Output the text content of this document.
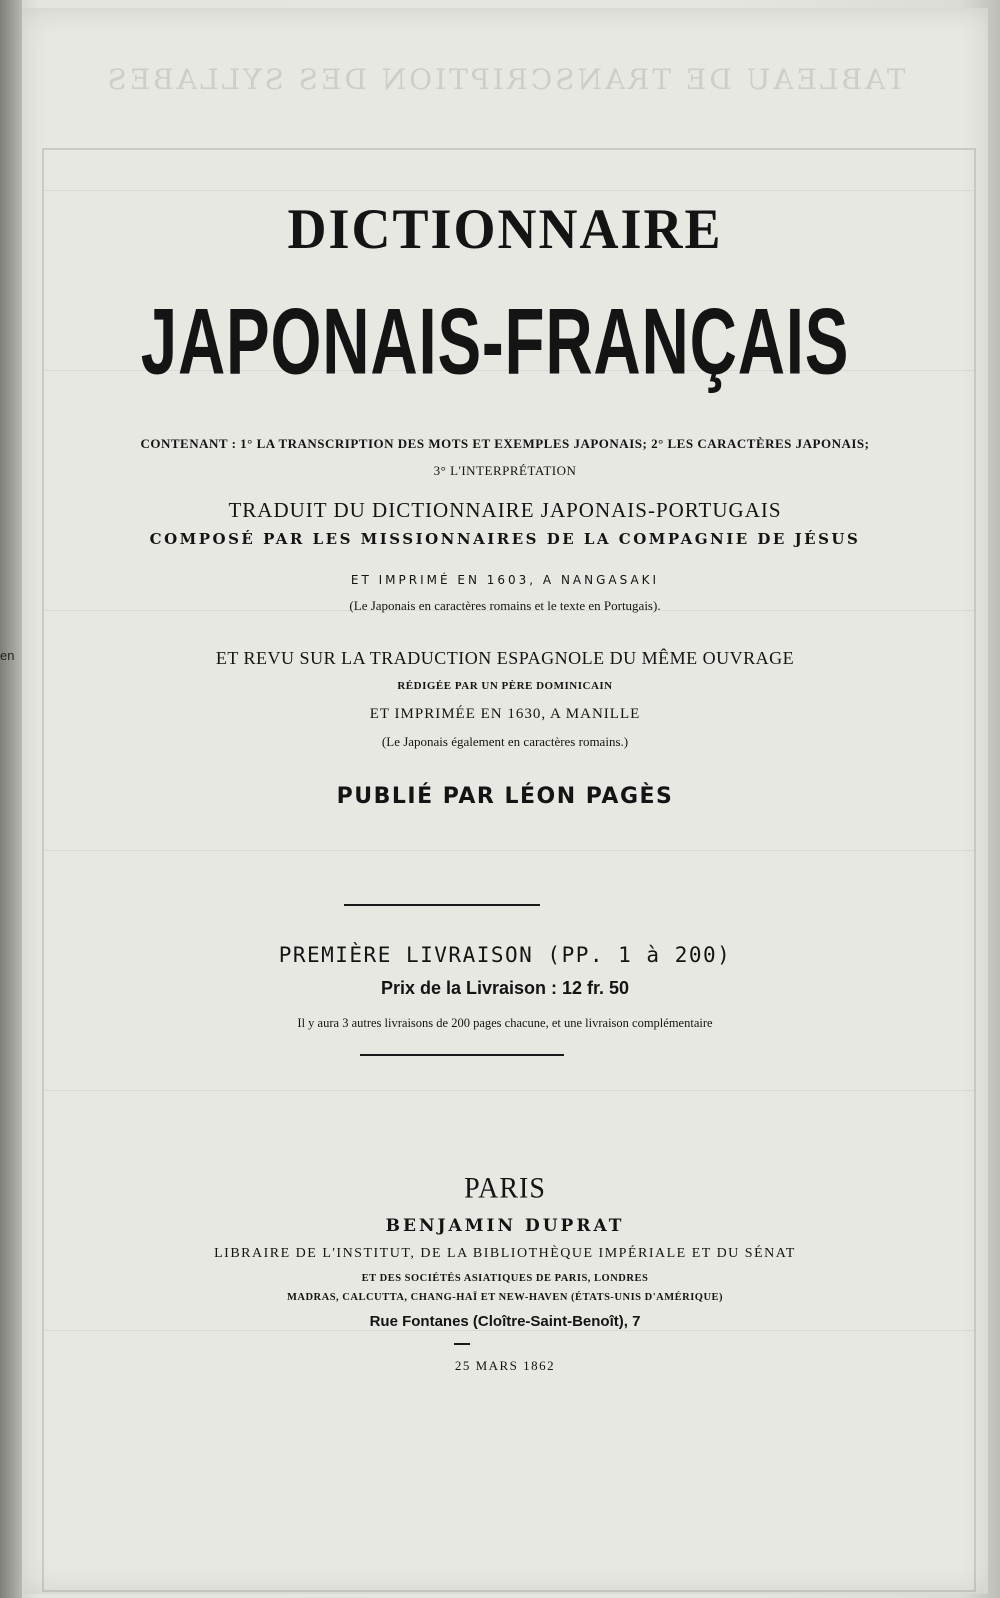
en
TABLEAU DE TRANSCRIPTION DES SYLLABES

DICTIONNAIRE

JAPONAIS-FRANÇAIS

CONTENANT : 1° LA TRANSCRIPTION DES MOTS ET EXEMPLES JAPONAIS; 2° LES CARACTÈRES JAPONAIS;

3° L'INTERPRÉTATION

TRADUIT DU DICTIONNAIRE JAPONAIS-PORTUGAIS

COMPOSÉ PAR LES MISSIONNAIRES DE LA COMPAGNIE DE JÉSUS

ET IMPRIMÉ EN 1603, A NANGASAKI

(Le Japonais en caractères romains et le texte en Portugais).

ET REVU SUR LA TRADUCTION ESPAGNOLE DU MÊME OUVRAGE

RÉDIGÉE PAR UN PÈRE DOMINICAIN

ET IMPRIMÉE EN 1630, A MANILLE

(Le Japonais également en caractères romains.)

PUBLIÉ PAR LÉON PAGÈS

PREMIÈRE LIVRAISON (PP. 1 à 200)

Prix de la Livraison : 12 fr. 50

Il y aura 3 autres livraisons de 200 pages chacune, et une livraison complémentaire

PARIS

BENJAMIN DUPRAT

LIBRAIRE DE L'INSTITUT, DE LA BIBLIOTHÈQUE IMPÉRIALE ET DU SÉNAT

ET DES SOCIÉTÉS ASIATIQUES DE PARIS, LONDRES

MADRAS, CALCUTTA, CHANG-HAÏ ET NEW-HAVEN (ÉTATS-UNIS D'AMÉRIQUE)

Rue Fontanes (Cloître-Saint-Benoît), 7

25 MARS 1862
